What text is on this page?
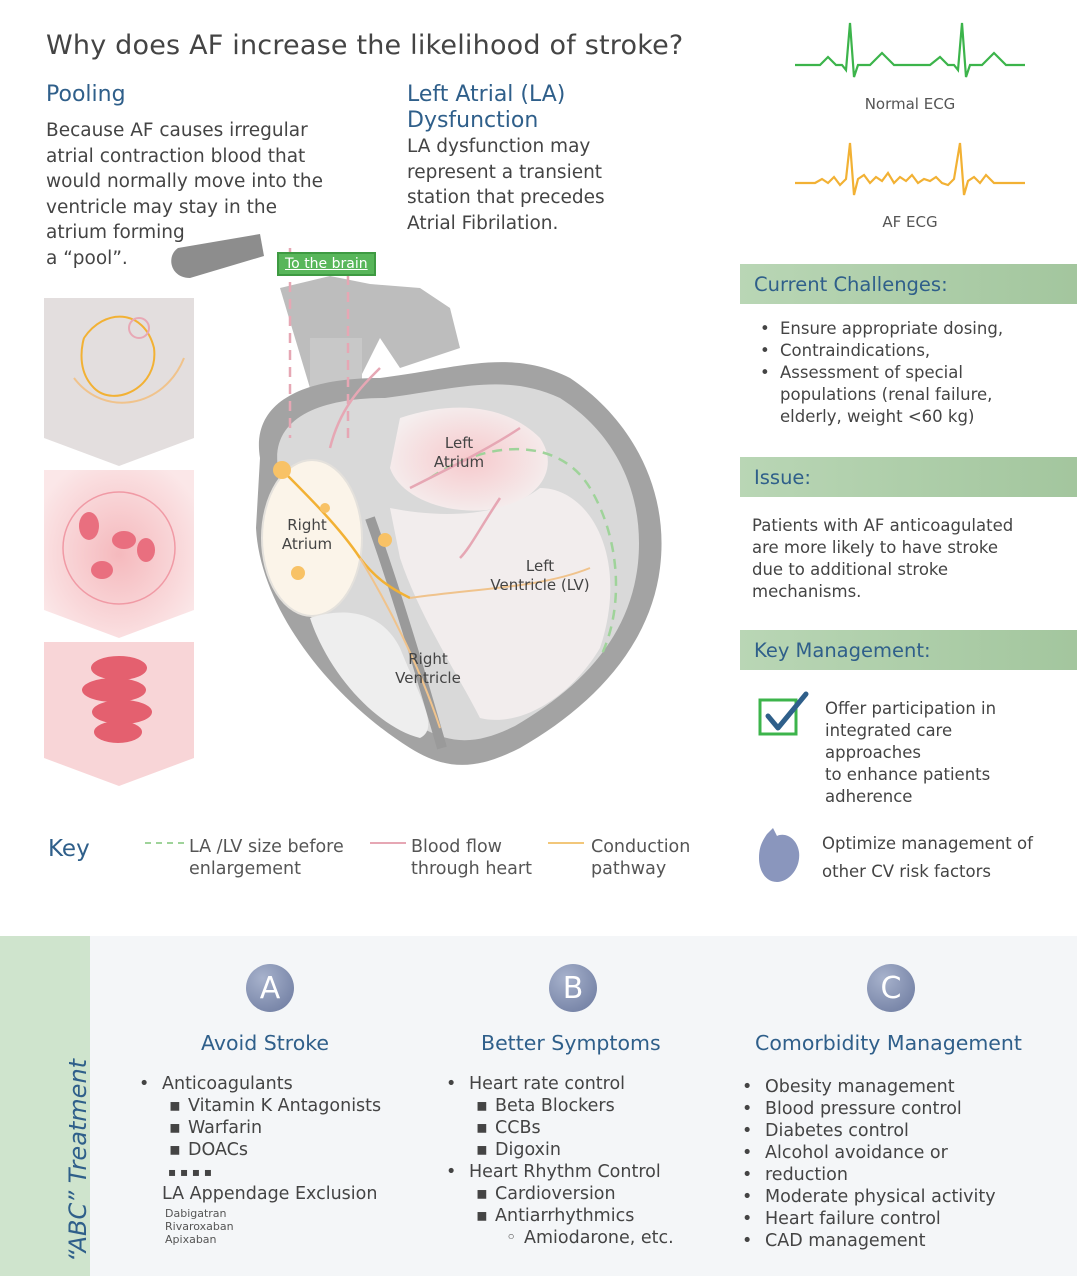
Why does AF increase the likelihood of stroke?
Pooling
Because AF causes irregular
atrial contraction blood that
would normally move into the
ventricle may stay in the
atrium forming
a “pool”.
Left Atrial (LA)
Dysfunction
LA dysfunction may
represent a transient
station that precedes
Atrial Fibrilation.
Normal ECG
AF ECG
To the brain
Left
Atrium
Right
Atrium
Left
Ventricle (LV)
Right
Ventricle
Key	LA /LV size before
enlargement
Blood flow
through heart
Conduction
pathway
Current Challenges:
• Ensure appropriate dosing,
• Contraindications,
• Assessment of special
populations (renal failure,
elderly, weight <60 kg)
Issue:
Patients with AF anticoagulated
are more likely to have stroke
due to additional stroke
mechanisms.
Key Management:
Offer participation in
integrated care
approaches
to enhance patients
adherence
Optimize management of
other CV risk factors
“ABC” Treatment
A
Avoid Stroke
• Anticoagulants
▪ Vitamin K Antagonists
▪ Warfarin
▪ DOACs
▪ ▪ ▪ ▪
LA Appendage Exclusion
Dabigatran
Rivaroxaban
Apixaban
B
Better Symptoms
• Heart rate control
▪ Beta Blockers
▪ CCBs
▪ Digoxin
• Heart Rhythm Control
▪ Cardioversion
▪ Antiarrhythmics
◦ Amiodarone, etc.
C
Comorbidity Management
• Obesity management
• Blood pressure control
• Diabetes control
• Alcohol avoidance or
• reduction
• Moderate physical activity
• Heart failure control
• CAD management
